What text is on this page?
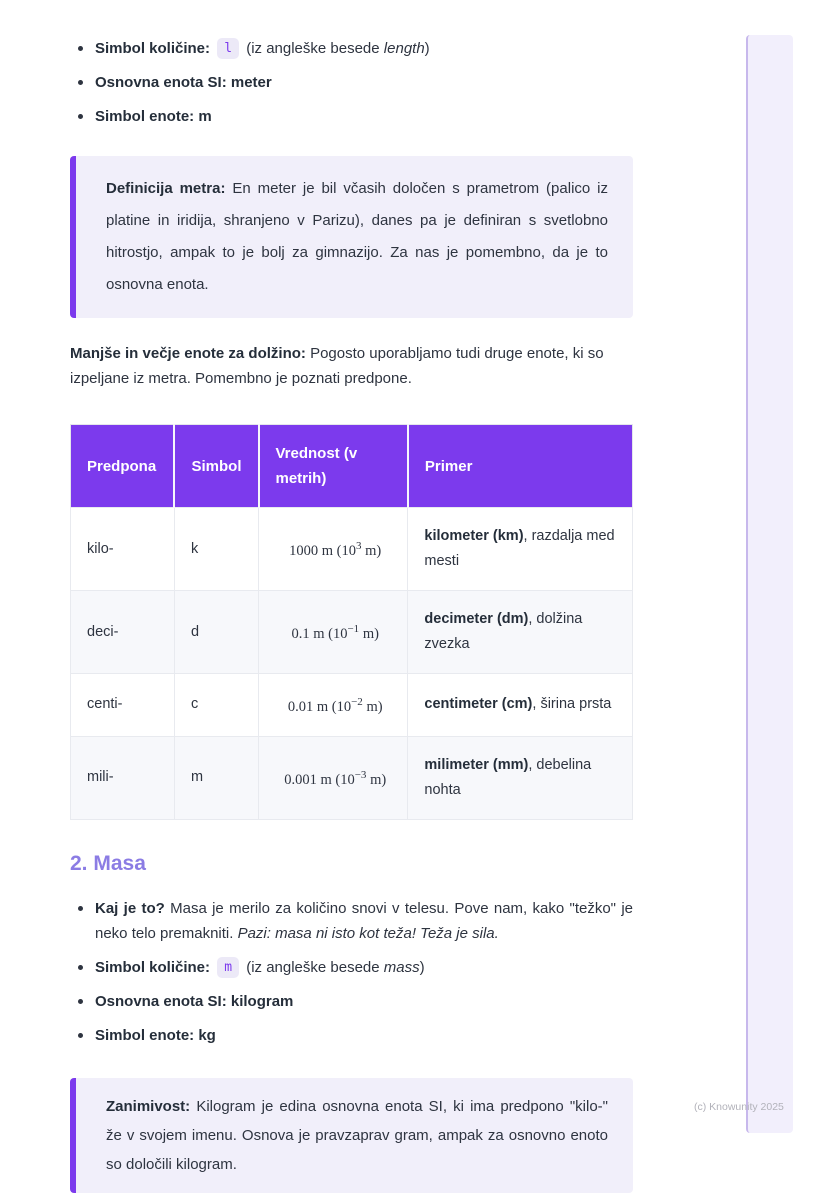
Simbol količine: l (iz angleške besede length)
Osnovna enota SI: meter
Simbol enote: m
Definicija metra: En meter je bil včasih določen s prametrom (palico iz platine in iridija, shranjeno v Parizu), danes pa je definiran s svetlobno hitrostjo, ampak to je bolj za gimnazijo. Za nas je pomembno, da je to osnovna enota.

Manjše in večje enote za dolžino: Pogosto uporabljamo tudi druge enote, ki so izpeljane iz metra. Pomembno je poznati predpone.

Predpona	Simbol	Vrednost (v metrih)	Primer
kilo-	k	1000 m ($10^3$ m)	kilometer (km), razdalja med mesti
deci-	d	0.1 m ($10^{-1}$ m)	decimeter (dm), dolžina zvezka
centi-	c	0.01 m ($10^{-2}$ m)	centimeter (cm), širina prsta
mili-	m	0.001 m ($10^{-3}$ m)	milimeter (mm), debelina nohta
2. Masa
Kaj je to? Masa je merilo za količino snovi v telesu. Pove nam, kako "težko" je neko telo premakniti. Pazi: masa ni isto kot teža! Teža je sila.
Simbol količine: m (iz angleške besede mass)
Osnovna enota SI: kilogram
Simbol enote: kg
Zanimivost: Kilogram je edina osnovna enota SI, ki ima predpono "kilo-" že v svojem imenu. Osnova je pravzaprav gram, ampak za osnovno enoto so določili kilogram.
(c) Knowunity 2025
